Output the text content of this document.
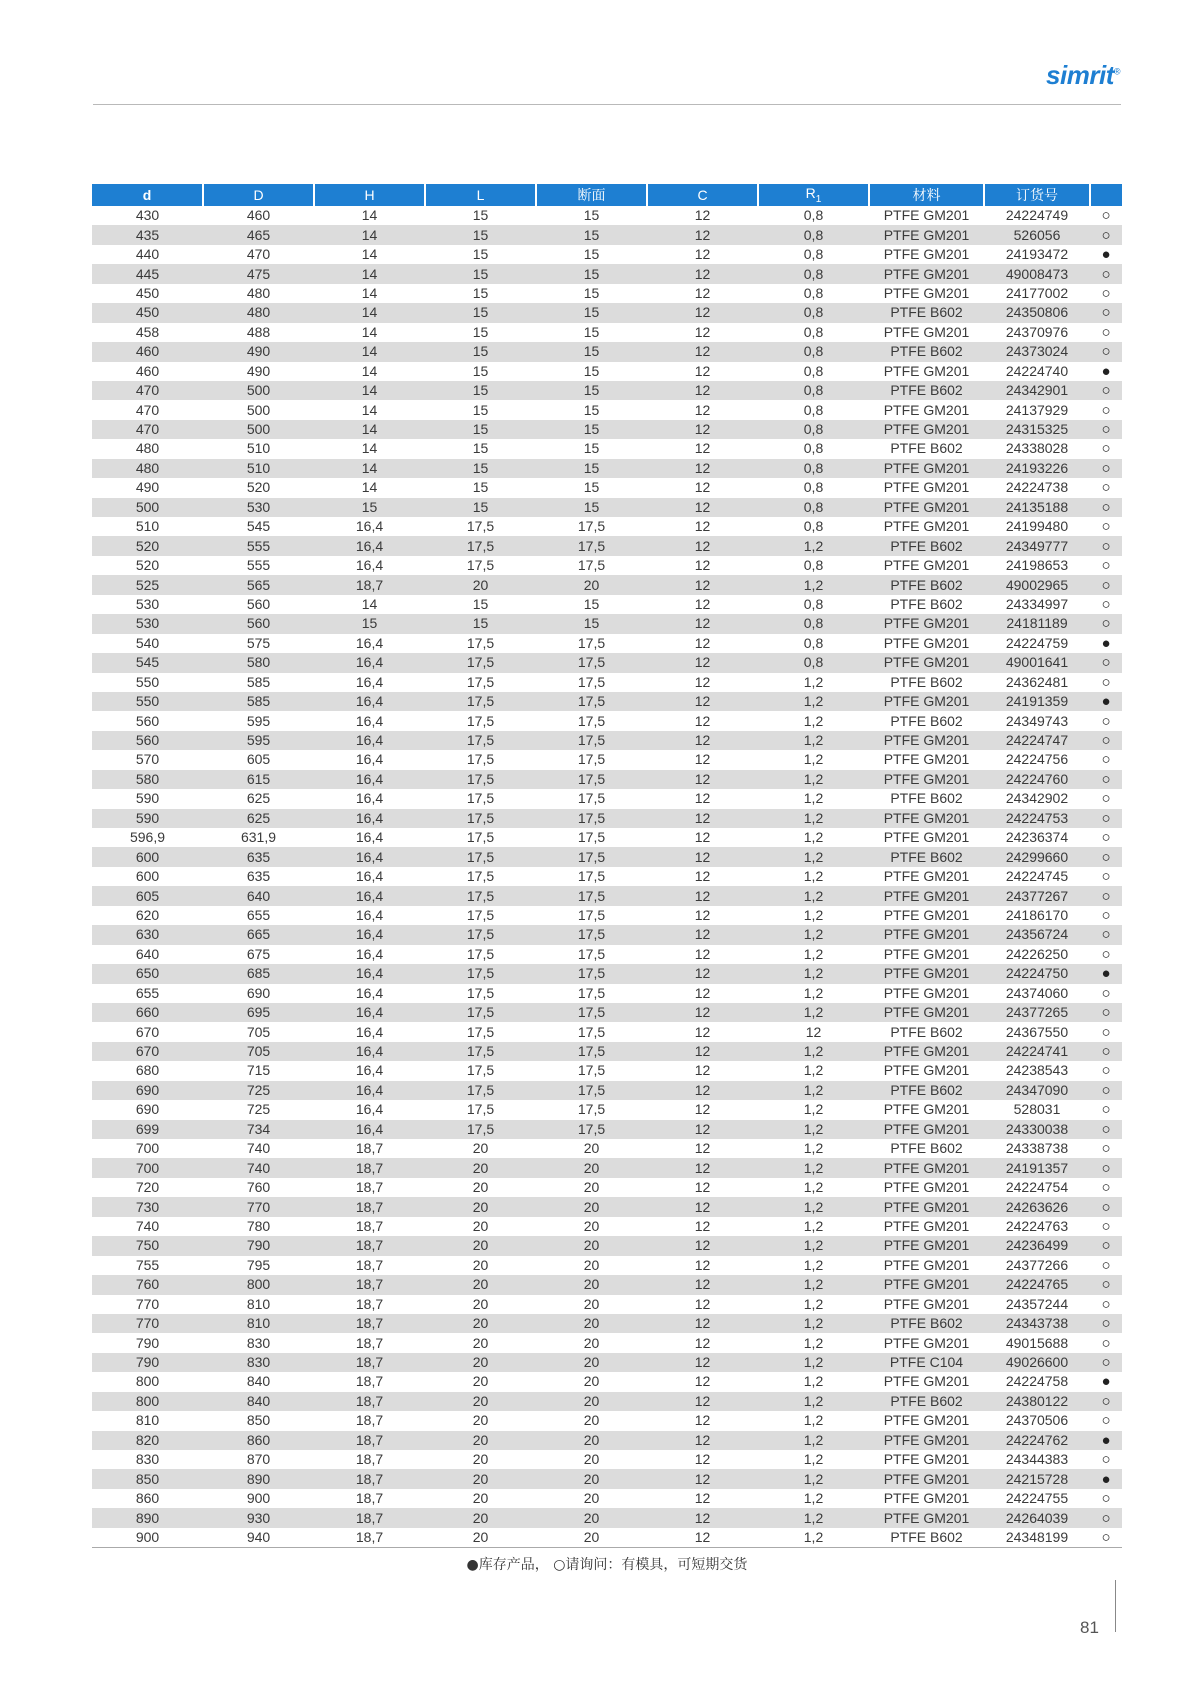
simrit®
d	D	H	L	断面	C	$R_1$	材料	订货号	
430	460	14	15	15	12	0,8	PTFE GM201	24224749	○
435	465	14	15	15	12	0,8	PTFE GM201	526056	○
440	470	14	15	15	12	0,8	PTFE GM201	24193472	●
445	475	14	15	15	12	0,8	PTFE GM201	49008473	○
450	480	14	15	15	12	0,8	PTFE GM201	24177002	○
450	480	14	15	15	12	0,8	PTFE B602	24350806	○
458	488	14	15	15	12	0,8	PTFE GM201	24370976	○
460	490	14	15	15	12	0,8	PTFE B602	24373024	○
460	490	14	15	15	12	0,8	PTFE GM201	24224740	●
470	500	14	15	15	12	0,8	PTFE B602	24342901	○
470	500	14	15	15	12	0,8	PTFE GM201	24137929	○
470	500	14	15	15	12	0,8	PTFE GM201	24315325	○
480	510	14	15	15	12	0,8	PTFE B602	24338028	○
480	510	14	15	15	12	0,8	PTFE GM201	24193226	○
490	520	14	15	15	12	0,8	PTFE GM201	24224738	○
500	530	15	15	15	12	0,8	PTFE GM201	24135188	○
510	545	16,4	17,5	17,5	12	0,8	PTFE GM201	24199480	○
520	555	16,4	17,5	17,5	12	1,2	PTFE B602	24349777	○
520	555	16,4	17,5	17,5	12	0,8	PTFE GM201	24198653	○
525	565	18,7	20	20	12	1,2	PTFE B602	49002965	○
530	560	14	15	15	12	0,8	PTFE B602	24334997	○
530	560	15	15	15	12	0,8	PTFE GM201	24181189	○
540	575	16,4	17,5	17,5	12	0,8	PTFE GM201	24224759	●
545	580	16,4	17,5	17,5	12	0,8	PTFE GM201	49001641	○
550	585	16,4	17,5	17,5	12	1,2	PTFE B602	24362481	○
550	585	16,4	17,5	17,5	12	1,2	PTFE GM201	24191359	●
560	595	16,4	17,5	17,5	12	1,2	PTFE B602	24349743	○
560	595	16,4	17,5	17,5	12	1,2	PTFE GM201	24224747	○
570	605	16,4	17,5	17,5	12	1,2	PTFE GM201	24224756	○
580	615	16,4	17,5	17,5	12	1,2	PTFE GM201	24224760	○
590	625	16,4	17,5	17,5	12	1,2	PTFE B602	24342902	○
590	625	16,4	17,5	17,5	12	1,2	PTFE GM201	24224753	○
596,9	631,9	16,4	17,5	17,5	12	1,2	PTFE GM201	24236374	○
600	635	16,4	17,5	17,5	12	1,2	PTFE B602	24299660	○
600	635	16,4	17,5	17,5	12	1,2	PTFE GM201	24224745	○
605	640	16,4	17,5	17,5	12	1,2	PTFE GM201	24377267	○
620	655	16,4	17,5	17,5	12	1,2	PTFE GM201	24186170	○
630	665	16,4	17,5	17,5	12	1,2	PTFE GM201	24356724	○
640	675	16,4	17,5	17,5	12	1,2	PTFE GM201	24226250	○
650	685	16,4	17,5	17,5	12	1,2	PTFE GM201	24224750	●
655	690	16,4	17,5	17,5	12	1,2	PTFE GM201	24374060	○
660	695	16,4	17,5	17,5	12	1,2	PTFE GM201	24377265	○
670	705	16,4	17,5	17,5	12	12	PTFE B602	24367550	○
670	705	16,4	17,5	17,5	12	1,2	PTFE GM201	24224741	○
680	715	16,4	17,5	17,5	12	1,2	PTFE GM201	24238543	○
690	725	16,4	17,5	17,5	12	1,2	PTFE B602	24347090	○
690	725	16,4	17,5	17,5	12	1,2	PTFE GM201	528031	○
699	734	16,4	17,5	17,5	12	1,2	PTFE GM201	24330038	○
700	740	18,7	20	20	12	1,2	PTFE B602	24338738	○
700	740	18,7	20	20	12	1,2	PTFE GM201	24191357	○
720	760	18,7	20	20	12	1,2	PTFE GM201	24224754	○
730	770	18,7	20	20	12	1,2	PTFE GM201	24263626	○
740	780	18,7	20	20	12	1,2	PTFE GM201	24224763	○
750	790	18,7	20	20	12	1,2	PTFE GM201	24236499	○
755	795	18,7	20	20	12	1,2	PTFE GM201	24377266	○
760	800	18,7	20	20	12	1,2	PTFE GM201	24224765	○
770	810	18,7	20	20	12	1,2	PTFE GM201	24357244	○
770	810	18,7	20	20	12	1,2	PTFE B602	24343738	○
790	830	18,7	20	20	12	1,2	PTFE GM201	49015688	○
790	830	18,7	20	20	12	1,2	PTFE C104	49026600	○
800	840	18,7	20	20	12	1,2	PTFE GM201	24224758	●
800	840	18,7	20	20	12	1,2	PTFE B602	24380122	○
810	850	18,7	20	20	12	1,2	PTFE GM201	24370506	○
820	860	18,7	20	20	12	1,2	PTFE GM201	24224762	●
830	870	18,7	20	20	12	1,2	PTFE GM201	24344383	○
850	890	18,7	20	20	12	1,2	PTFE GM201	24215728	●
860	900	18,7	20	20	12	1,2	PTFE GM201	24224755	○
890	930	18,7	20	20	12	1,2	PTFE GM201	24264039	○
900	940	18,7	20	20	12	1,2	PTFE B602	24348199	○
●库存产品， ○请询问：有模具，可短期交货
81
